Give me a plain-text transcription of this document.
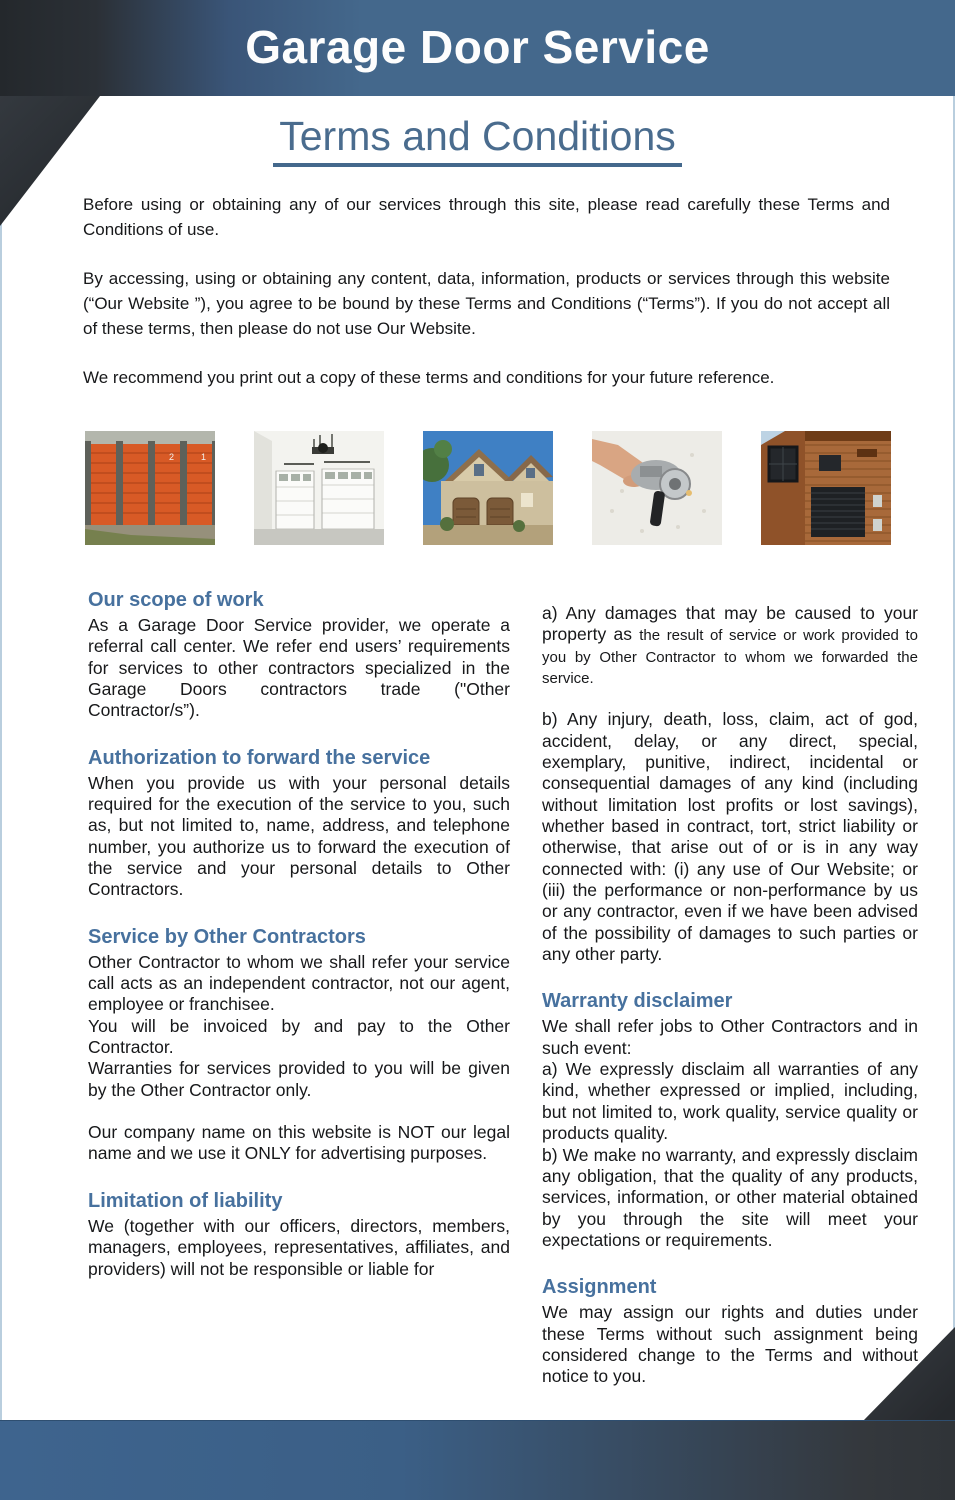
Garage Door Service
Terms and Conditions

Before using or obtaining any of our services through this site, please read carefully these Terms and Conditions of use.

By accessing, using or obtaining any content, data, information, products or services through this website (“Our Website ”), you agree to be bound by these Terms and Conditions (“Terms”). If you do not accept all of these terms, then please do not use Our Website.

We recommend you print out a copy of these terms and conditions for your future reference.

1
2
Our scope of work

As a Garage Door Service provider, we operate a referral call center. We refer end users’ requirements for services to other contractors specialized in the Garage Doors contractors trade ("Other Contractor/s”).

Authorization to forward the service

When you provide us with your personal details required for the execution of the service to you, such as, but not limited to, name, address, and telephone number, you authorize us to forward the execution of the service and your personal details to Other Contractors.

Service by Other Contractors

Other Contractor to whom we shall refer your service call acts as an independent contractor, not our agent, employee or franchisee.

You will be invoiced by and pay to the Other Contractor.

Warranties for services provided to you will be given by the Other Contractor only.

Our company name on this website is NOT our legal name and we use it ONLY for advertising purposes.

Limitation of liability

We (together with our officers, directors, members, managers, employees, representatives, affiliates, and providers) will not be responsible or liable for

a) Any damages that may be caused to your property as the result of service or work provided to you by Other Contractor to whom we forwarded the service.

b) Any injury, death, loss, claim, act of god, accident, delay, or any direct, special, exemplary, punitive, indirect, incidental or consequential damages of any kind (including without limitation lost profits or lost savings), whether based in contract, tort, strict liability or otherwise, that arise out of or is in any way connected with: (i) any use of Our Website; or (iii) the performance or non-performance by us or any contractor, even if we have been advised of the possibility of damages to such parties or any other party.

Warranty disclaimer

We shall refer jobs to Other Contractors and in such event:

a) We expressly disclaim all warranties of any kind, whether expressed or implied, including, but not limited to, work quality, service quality or products quality.

b) We make no warranty, and expressly disclaim any obligation, that the quality of any products, services, information, or other material obtained by you through the site will meet your expectations or requirements.

Assignment

We may assign our rights and duties under these Terms without such assignment being considered change to the Terms and without notice to you.
